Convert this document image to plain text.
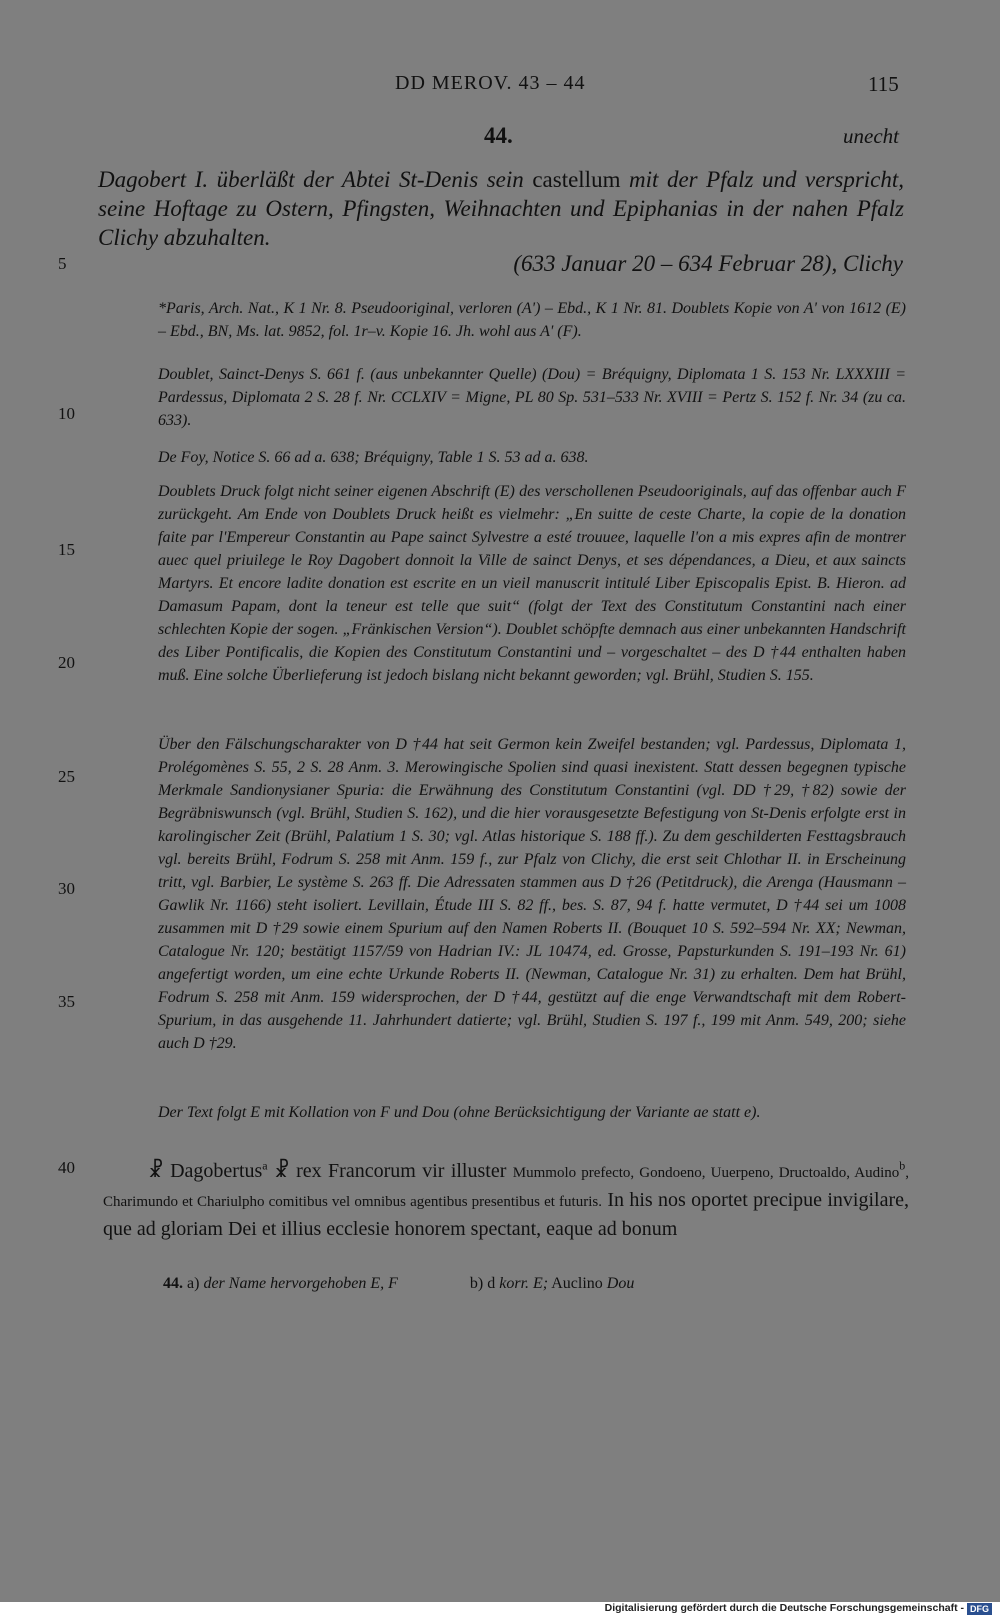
DD MEROV. 43 – 44	115
44.	unecht
Dagobert I. überläßt der Abtei St-Denis sein castellum mit der Pfalz und verspricht, seine Hoftage zu Ostern, Pfingsten, Weihnachten und Epiphanias in der nahen Pfalz Clichy abzuhalten.
(633 Januar 20 – 634 Februar 28), Clichy
5
10
15
20
25
30
35
40
*Paris, Arch. Nat., K 1 Nr. 8. Pseudooriginal, verloren (A') – Ebd., K 1 Nr. 81. Doublets Kopie von A' von 1612 (E) – Ebd., BN, Ms. lat. 9852, fol. 1r–v. Kopie 16. Jh. wohl aus A' (F).
Doublet, Sainct-Denys S. 661 f. (aus unbekannter Quelle) (Dou) = Bréquigny, Diplomata 1 S. 153 Nr. LXXXIII = Pardessus, Diplomata 2 S. 28 f. Nr. CCLXIV = Migne, PL 80 Sp. 531–533 Nr. XVIII = Pertz S. 152 f. Nr. 34 (zu ca. 633).
De Foy, Notice S. 66 ad a. 638; Bréquigny, Table 1 S. 53 ad a. 638.
Doublets Druck folgt nicht seiner eigenen Abschrift (E) des verschollenen Pseudooriginals, auf das offenbar auch F zurückgeht. Am Ende von Doublets Druck heißt es vielmehr: „En suitte de ceste Charte, la copie de la donation faite par l'Empereur Constantin au Pape sainct Sylvestre a esté trouuee, laquelle l'on a mis expres afin de montrer auec quel priuilege le Roy Dagobert donnoit la Ville de sainct Denys, et ses dépendances, a Dieu, et aux saincts Martyrs. Et encore ladite donation est escrite en un vieil manuscrit intitulé Liber Episcopalis Epist. B. Hieron. ad Damasum Papam, dont la teneur est telle que suit“ (folgt der Text des Constitutum Constantini nach einer schlechten Kopie der sogen. „Fränkischen Version“). Doublet schöpfte demnach aus einer unbekannten Handschrift des Liber Pontificalis, die Kopien des Constitutum Constantini und – vorgeschaltet – des D †44 enthalten haben muß. Eine solche Überlieferung ist jedoch bislang nicht bekannt geworden; vgl. Brühl, Studien S. 155.
Über den Fälschungscharakter von D †44 hat seit Germon kein Zweifel bestanden; vgl. Pardessus, Diplomata 1, Prolégomènes S. 55, 2 S. 28 Anm. 3. Merowingische Spolien sind quasi inexistent. Statt dessen begegnen typische Merkmale Sandionysianer Spuria: die Erwähnung des Constitutum Constantini (vgl. DD †29, †82) sowie der Begräbniswunsch (vgl. Brühl, Studien S. 162), und die hier vorausgesetzte Befestigung von St-Denis erfolgte erst in karolingischer Zeit (Brühl, Palatium 1 S. 30; vgl. Atlas historique S. 188 ff.). Zu dem geschilderten Festtagsbrauch vgl. bereits Brühl, Fodrum S. 258 mit Anm. 159 f., zur Pfalz von Clichy, die erst seit Chlothar II. in Erscheinung tritt, vgl. Barbier, Le système S. 263 ff. Die Adressaten stammen aus D †26 (Petitdruck), die Arenga (Hausmann – Gawlik Nr. 1166) steht isoliert. Levillain, Étude III S. 82 ff., bes. S. 87, 94 f. hatte vermutet, D †44 sei um 1008 zusammen mit D †29 sowie einem Spurium auf den Namen Roberts II. (Bouquet 10 S. 592–594 Nr. XX; Newman, Catalogue Nr. 120; bestätigt 1157/59 von Hadrian IV.: JL 10474, ed. Grosse, Papsturkunden S. 191–193 Nr. 61) angefertigt worden, um eine echte Urkunde Roberts II. (Newman, Catalogue Nr. 31) zu erhalten. Dem hat Brühl, Fodrum S. 258 mit Anm. 159 widersprochen, der D †44, gestützt auf die enge Verwandtschaft mit dem Robert-Spurium, in das ausgehende 11. Jahrhundert datierte; vgl. Brühl, Studien S. 197 f., 199 mit Anm. 549, 200; siehe auch D †29.
Der Text folgt E mit Kollation von F und Dou (ohne Berücksichtigung der Variante ae statt e).
☧ Dagobertus$^a$ ☧ rex Francorum vir illuster Mummolo prefecto, Gondoeno, Uuerpeno, Dructoaldo, Audino$^b$, Charimundo et Chariulpho comitibus vel omnibus agentibus presentibus et futuris. In his nos oportet precipue invigilare, que ad gloriam Dei et illius ecclesie honorem spectant, eaque ad bonum
44. a) der Name hervorgehoben E, F	b) d korr. E; Auclino Dou
Digitalisierung gefördert durch die Deutsche Forschungsgemeinschaft - DFG
